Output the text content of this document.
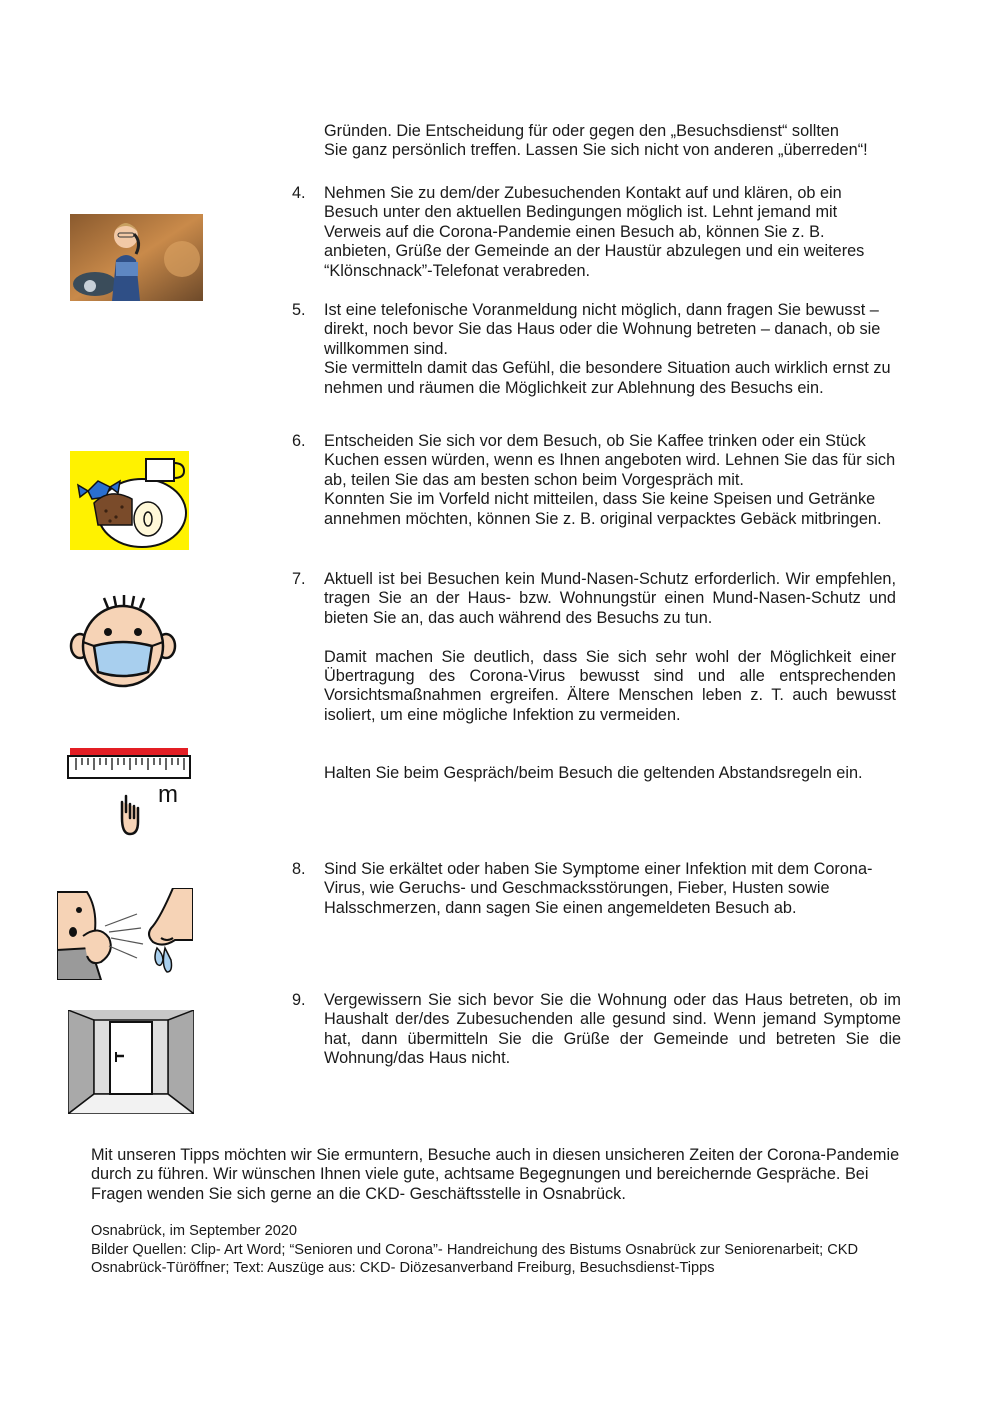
Gründen. Die Entscheidung für oder gegen den „Besuchsdienst“ sollten

Sie ganz persönlich treffen. Lassen Sie sich nicht von anderen „überreden“!

4. Nehmen Sie zu dem/der Zubesuchenden Kontakt auf und klären, ob ein Besuch unter den aktuellen Bedingungen möglich ist. Lehnt jemand mit Verweis auf die Corona-Pandemie einen Besuch ab, können Sie z. B. anbieten, Grüße der Gemeinde an der Haustür abzulegen und ein weiteres “Klönschnack”-Telefonat verabreden.
5. Ist eine telefonische Voranmeldung nicht möglich, dann fragen Sie bewusst – direkt, noch bevor Sie das Haus oder die Wohnung betreten – danach, ob sie willkommen sind.

Sie vermitteln damit das Gefühl, die besondere Situation auch wirklich ernst zu nehmen und räumen die Möglichkeit zur Ablehnung des Besuchs ein.

6. Entscheiden Sie sich vor dem Besuch, ob Sie Kaffee trinken oder ein Stück Kuchen essen würden, wenn es Ihnen angeboten wird. Lehnen Sie das für sich ab, teilen Sie das am besten schon beim Vorgespräch mit.

Konnten Sie im Vorfeld nicht mitteilen, dass Sie keine Speisen und Getränke annehmen möchten, können Sie z. B. original verpacktes Gebäck mitbringen.

7. Aktuell ist bei Besuchen kein Mund-Nasen-Schutz erforderlich. Wir empfehlen, tragen Sie an der Haus- bzw. Wohnungstür einen Mund-Nasen-Schutz und bieten Sie an, das auch während des Besuchs zu tun.

Damit machen Sie deutlich, dass Sie sich sehr wohl der Möglichkeit einer Übertragung des Corona-Virus bewusst sind und alle entsprechenden Vorsichtsmaßnahmen ergreifen. Ältere Menschen leben z. T. auch bewusst isoliert, um eine mögliche Infektion zu vermeiden.

Halten Sie beim Gespräch/beim Besuch die geltenden Abstandsregeln ein.
m
8. Sind Sie erkältet oder haben Sie Symptome einer Infektion mit dem Corona-Virus, wie Geruchs- und Geschmacksstörungen, Fieber, Husten sowie Halsschmerzen, dann sagen Sie einen angemeldeten Besuch ab.
9. Vergewissern Sie sich bevor Sie die Wohnung oder das Haus betreten, ob im Haushalt der/des Zubesuchenden alle gesund sind. Wenn jemand Symptome hat, dann übermitteln Sie die Grüße der Gemeinde und betreten Sie die Wohnung/das Haus nicht.
Mit unseren Tipps möchten wir Sie ermuntern, Besuche auch in diesen unsicheren Zeiten der Corona-Pandemie durch zu führen. Wir wünschen Ihnen viele gute, achtsame Begegnungen und bereichernde Gespräche. Bei Fragen wenden Sie sich gerne an die CKD- Geschäftsstelle in Osnabrück.

Osnabrück, im September 2020

Bilder Quellen: Clip- Art Word; “Senioren und Corona”- Handreichung des Bistums Osnabrück zur Seniorenarbeit; CKD Osnabrück-Türöffner; Text: Auszüge aus: CKD- Diözesanverband Freiburg, Besuchsdienst-Tipps
